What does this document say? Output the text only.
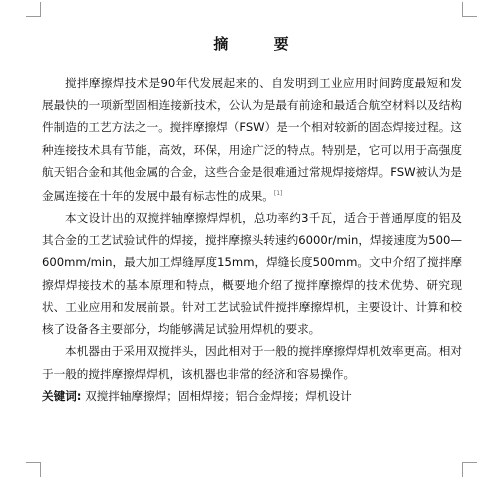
摘 要

搅拌摩擦焊技术是90年代发展起来的、自发明到工业应用时间跨度最短和发展最快的一项新型固相连接新技术，公认为是最有前途和最适合航空材料以及结构件制造的工艺方法之一。搅拌摩擦焊（FSW）是一个相对较新的固态焊接过程。这种连接技术具有节能，高效，环保，用途广泛的特点。特别是，它可以用于高强度航天铝合金和其他金属的合金，这些合金是很难通过常规焊接熔焊。FSW被认为是金属连接在十年的发展中最有标志性的成果。[1]

本文设计出的双搅拌轴摩擦焊焊机，总功率约3千瓦，适合于普通厚度的铝及其合金的工艺试验试件的焊接，搅拌摩擦头转速约6000r/min，焊接速度为500—600mm/min，最大加工焊缝厚度15mm，焊缝长度500mm。文中介绍了搅拌摩擦焊焊接技术的基本原理和特点，概要地介绍了搅拌摩擦焊的技术优势、研究现状、工业应用和发展前景。针对工艺试验试件搅拌摩擦焊机，主要设计、计算和校核了设备各主要部分，均能够满足试验用焊机的要求。

本机器由于采用双搅拌头，因此相对于一般的搅拌摩擦焊焊机效率更高。相对于一般的搅拌摩擦焊焊机，该机器也非常的经济和容易操作。

关键词: 双搅拌轴摩擦焊；固相焊接；铝合金焊接；焊机设计
